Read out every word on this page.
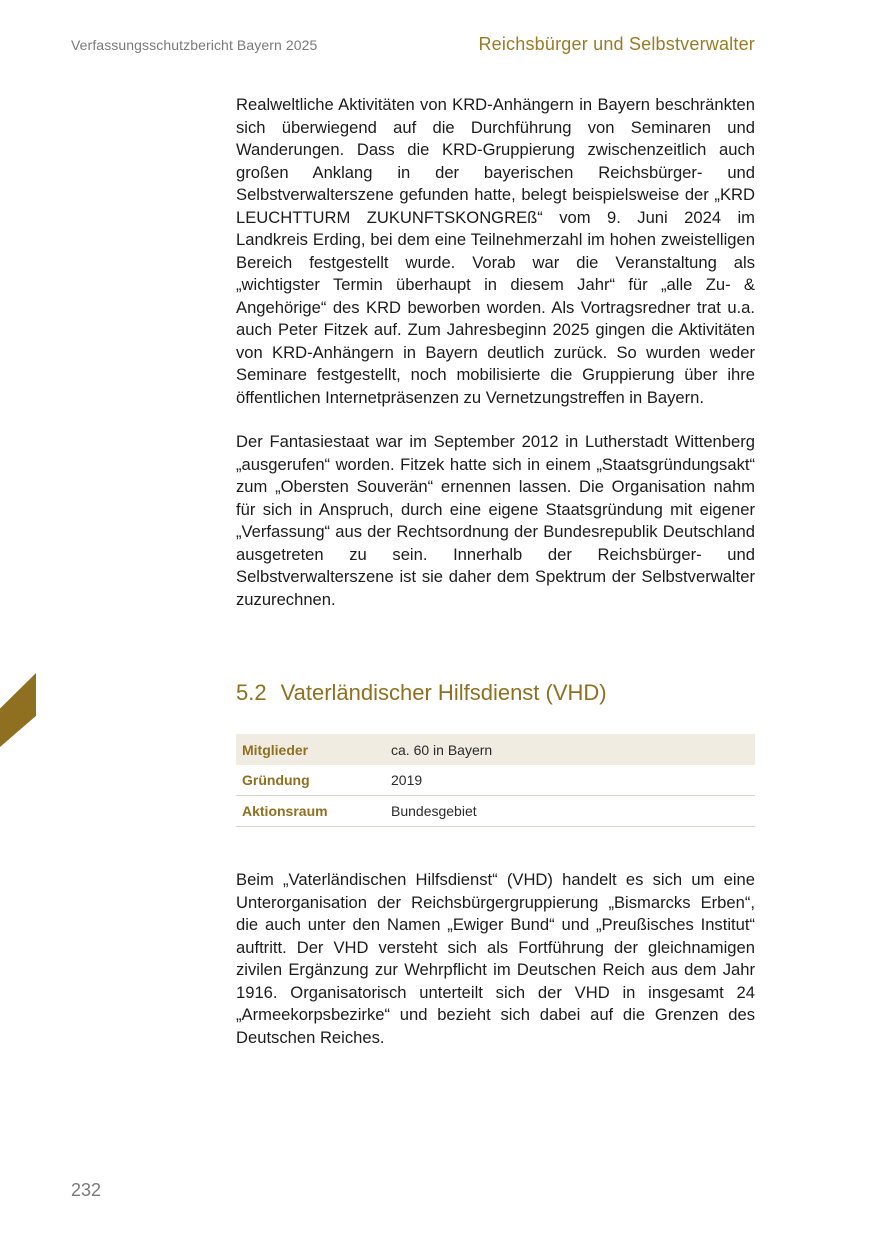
Verfassungsschutzbericht Bayern 2025	Reichsbürger und Selbstverwalter

Realweltliche Aktivitäten von KRD-Anhängern in Bayern beschränkten sich überwiegend auf die Durchführung von Seminaren und Wanderungen. Dass die KRD-Gruppierung zwischenzeitlich auch großen Anklang in der bayerischen Reichsbürger- und Selbstverwalterszene gefunden hatte, belegt beispielsweise der „KRD LEUCHTTURM ZUKUNFTSKONGREß“ vom 9. Juni 2024 im Landkreis Erding, bei dem eine Teilnehmerzahl im hohen zweistelligen Bereich festgestellt wurde. Vorab war die Veranstaltung als „wichtigster Termin überhaupt in diesem Jahr“ für „alle Zu- & Angehörige“ des KRD beworben worden. Als Vortragsredner trat u.a. auch Peter Fitzek auf. Zum Jahresbeginn 2025 gingen die Aktivitäten von KRD-Anhängern in Bayern deutlich zurück. So wurden weder Seminare festgestellt, noch mobilisierte die Gruppierung über ihre öffentlichen Internetpräsenzen zu Vernetzungstreffen in Bayern.

Der Fantasiestaat war im September 2012 in Lutherstadt Wittenberg „ausgerufen“ worden. Fitzek hatte sich in einem „Staatsgründungsakt“ zum „Obersten Souverän“ ernennen lassen. Die Organisation nahm für sich in Anspruch, durch eine eigene Staatsgründung mit eigener „Verfassung“ aus der Rechtsordnung der Bundesrepublik Deutschland ausgetreten zu sein. Innerhalb der Reichsbürger- und Selbstverwalterszene ist sie daher dem Spektrum der Selbstverwalter zuzurechnen.

5.2 Vaterländischer Hilfsdienst (VHD)
Mitglieder	ca. 60 in Bayern
Gründung	2019
Aktionsraum	Bundesgebiet

Beim „Vaterländischen Hilfsdienst“ (VHD) handelt es sich um eine Unterorganisation der Reichsbürgergruppierung „Bismarcks Erben“, die auch unter den Namen „Ewiger Bund“ und „Preußisches Institut“ auftritt. Der VHD versteht sich als Fortführung der gleichnamigen zivilen Ergänzung zur Wehrpflicht im Deutschen Reich aus dem Jahr 1916. Organisatorisch unterteilt sich der VHD in insgesamt 24 „Armeekorpsbezirke“ und bezieht sich dabei auf die Grenzen des Deutschen Reiches.

232
